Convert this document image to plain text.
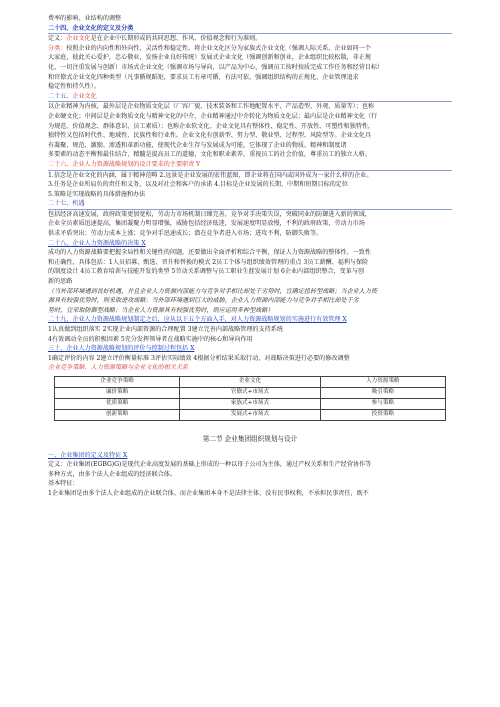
费率的影响、业结构的调整

二十四、企业文化的定义及分类

定义：企业文化是在企业中长期形成的共同思想、作风、价值观念和行为准则。

分类：按照企业的内向性和外向性、灵活性和稳定性，将企业文化区分为家族式企业文化（强调人际关系，企业如同一个

大家庭，彼此关心爱护，忠心敬业，发扬企业良好传统）发展式企业文化（强调创新和创业，企业组织比较松散，非正规

化，一切注重发展与创新）市场式企业文化（强调市场与导向，以产品为中心，强调员工按时按质完成工作任务和经营目标）

和官僚式企业文化四种类型（凡事循规蹈矩，要求员工有章可循，有法可依，强调组织结构的正规化，企业管理追求

稳定性和持久性）。

二十五、企业文化

以企业精神为内核，最外层是企业物质文化层（厂容厂貌、技术装备和工作地配置水平、产品造型、外观、质量等）；也称

企业硬文化；中间层是企业物质文化与精神文化的中介，企业精神通过中介转化为物质文化层；最内层是企业精神文化（行

为规范、价值观念、群体意识、员工素质）；也称企业软文化。企业文化具有整体性、稳定性、开放性、可塑性和独特性，

独特性又包括时代性、地域性、民族性和行业性。企业文化有创新型、努力型、敬业型、过程型、风险型等。企业文化具

有凝聚、规范、激励、渗透和革新功能，使现代企业生存与发展成为可能，它体现了企业的物质、精神和制度诸

多要素的动态平衡和最佳结合，精髓是提高员工的道德，文化和职业素养，重视员工的社会价值，尊重员工的独立人格。

二十六、企业人力资源战略规划的设计要求的主要职责 Y

1.信念是企业文化的内涵，属于精神范畴 2.远景是企业发展的宏伟蓝图，即企业将在国内或国外成为一家什么样的企业。

3.任务是企业所肩负的责任和义务，以及对社会和客户的承诺 4.目标是企业发展的长期、中期和短期目标的定位

5.策略是实现战略的具体措施和办法

二十七、机遇

包括经济高速发展，政府政策更加宽松，劳动力市场机制日臻完善，竞争对手决策失误，突破同业的防御进入新的领域，

企业全员素质迅速提高，集团凝聚力明显增强，威胁包括经济低迷，发展速度明显放慢，不利的政府政策，劳动力市场

供求矛盾突出；劳动力成本上涨；竞争对手迅速成长；潜在竞争者进入市场；进攻不利，防御失败等。

二十八、企业人力资源战略的决策 X

成功的人力资源战略要把握全局性和关键性的问题，还要做出全面评析和综合平衡，保证人力资源战略的整体性、一致性

和正确性，具体包括：1人员招募、甄选、晋升和替换的模式 2员工个体与组织绩效管理的重点 3员工薪酬、福利与保险

的制度设计 4员工教育培训与技能开发的类型 5劳动关系调整与员工职业生涯发展计划 6企业内部组织整合，变革与创

新的思路

（当外部环境遇到良好机遇，并且企业人力资源内部能力与竞争对手相比却处于劣势时，宜确定扭转型战略；当企业人力资

源具有较强优势时，则采取进攻战略；当外部环境遇到巨大的威胁，企业人力资源内部能力与竞争对手相比却处于劣

势时，宜采取防御型战略；当企业人力资源具有较强优势时，则应运用多种型战略）

二十九、企业人力资源战略规划制定之后，应从以下五个方面入手，对人力资源战略规划的实施进行有效管理 X

1认真做到组织落实 2实现企业内部资源的合理配置 3建立完善内部战略管理的支持系统

4有效调动全员的积极因素 5充分发挥领导者在战略实施中的核心和导向作用

三十、企业人力资源战略规划的评价与控制过程包括 X

1确定评价的内容 2建立评价衡量标准 3评估实际绩效 4根据分析结果采取行动，对战略决策进行必要的修改调整

企业竞争策略、人力资源策略与企业文化的相关关系

企业竞争策略	企业文化	人力资源策略
廉价策略	官僚式+市场式	吸引策略
优质策略	家族式+市场式	参与策略
创新策略	发展式+市场式	投资策略

第二节 企业集团组织规划与设计

一、企业集团的定义及特征 X

定义：企业集团(EGBG)G)是现代企业高度发展的基础上形成的一种以母子公司为主体，通过产权关系和生产经营协作等

多种方式，由多个法人企业组成的经济联合体。

基本特征：

1企业集团是由多个法人企业组成的企业联合体。而企业集团本身不是法律主体，没有民事权利，不承担民事责任，既不
